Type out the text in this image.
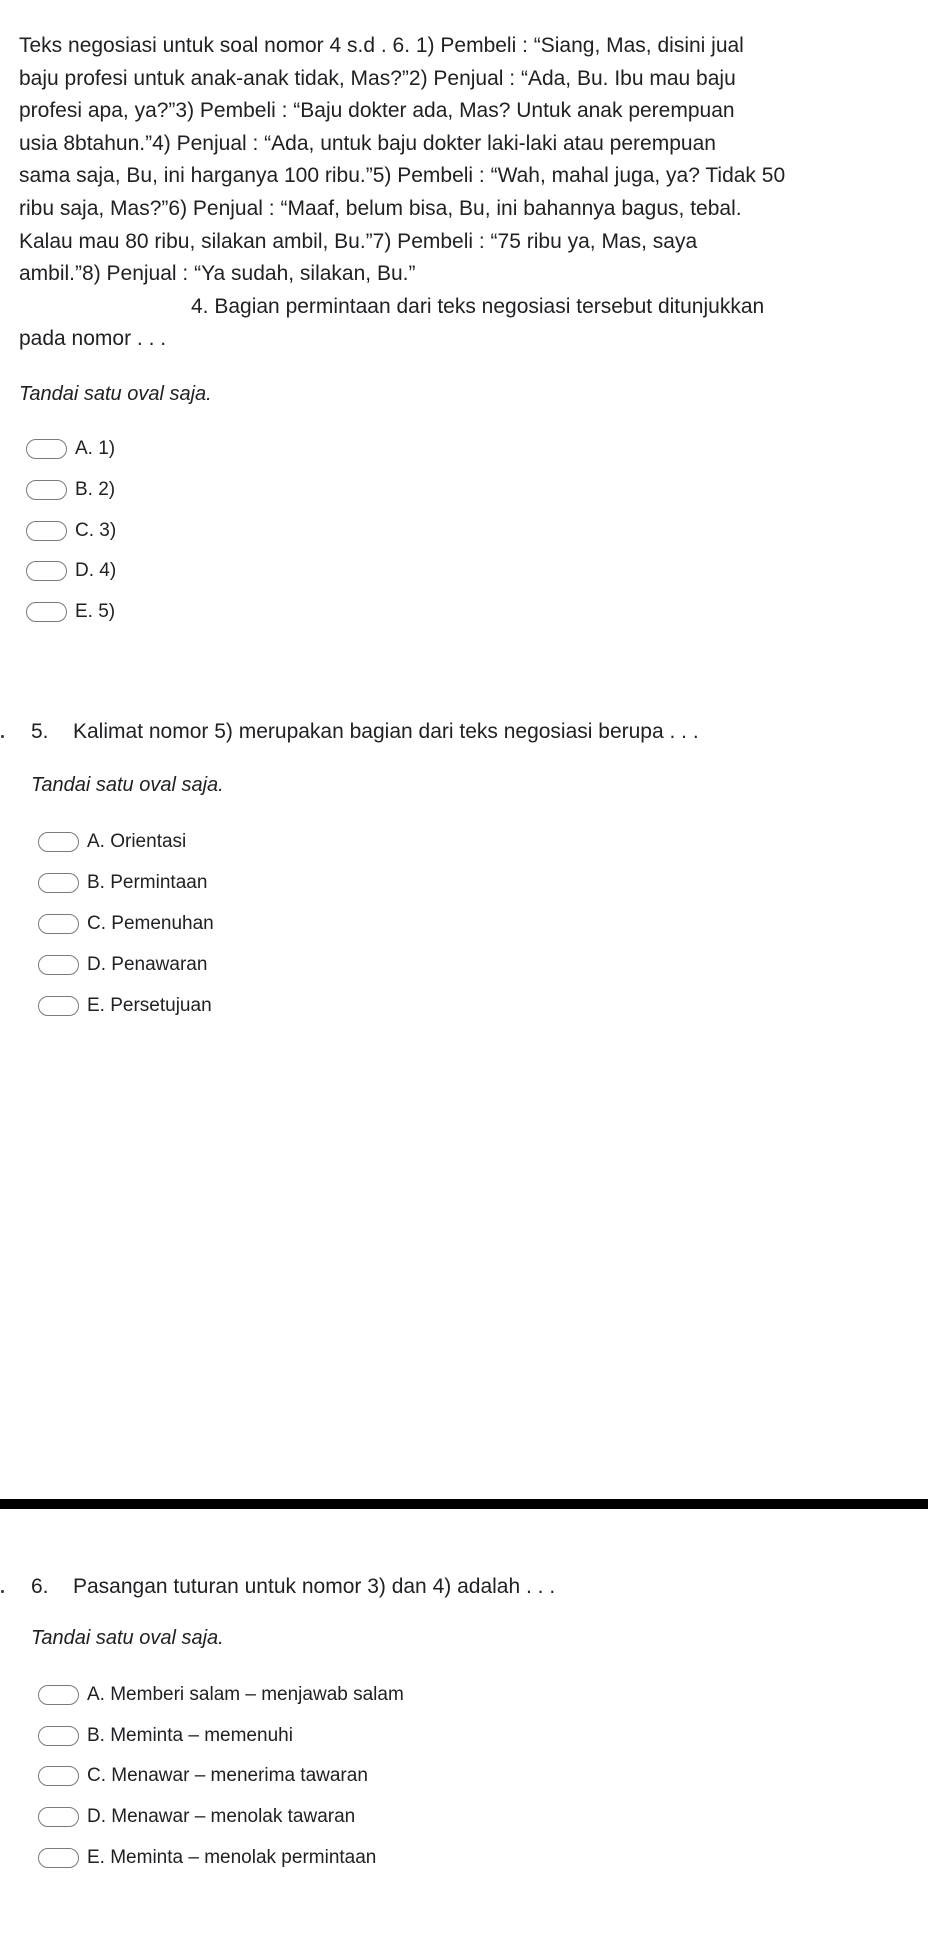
Teks negosiasi untuk soal nomor 4 s.d . 6. 1) Pembeli : “Siang, Mas, disini jual
baju profesi untuk anak-anak tidak, Mas?”2) Penjual : “Ada, Bu. Ibu mau baju
profesi apa, ya?”3) Pembeli : “Baju dokter ada, Mas? Untuk anak perempuan
usia 8btahun.”4) Penjual : “Ada, untuk baju dokter laki-laki atau perempuan
sama saja, Bu, ini harganya 100 ribu.”5) Pembeli : “Wah, mahal juga, ya? Tidak 50
ribu saja, Mas?”6) Penjual : “Maaf, belum bisa, Bu, ini bahannya bagus, tebal.
Kalau mau 80 ribu, silakan ambil, Bu.”7) Pembeli : “75 ribu ya, Mas, saya
ambil.”8) Penjual : “Ya sudah, silakan, Bu.”
4. Bagian permintaan dari teks negosiasi tersebut ditunjukkan
pada nomor . . .
Tandai satu oval saja.
A. 1)
B. 2)
C. 3)
D. 4)
E. 5)
5. Kalimat nomor 5) merupakan bagian dari teks negosiasi berupa . . .
Tandai satu oval saja.
A. Orientasi
B. Permintaan
C. Pemenuhan
D. Penawaran
E. Persetujuan
6. Pasangan tuturan untuk nomor 3) dan 4) adalah . . .
Tandai satu oval saja.
A. Memberi salam – menjawab salam
B. Meminta – memenuhi
C. Menawar – menerima tawaran
D. Menawar – menolak tawaran
E. Meminta – menolak permintaan
